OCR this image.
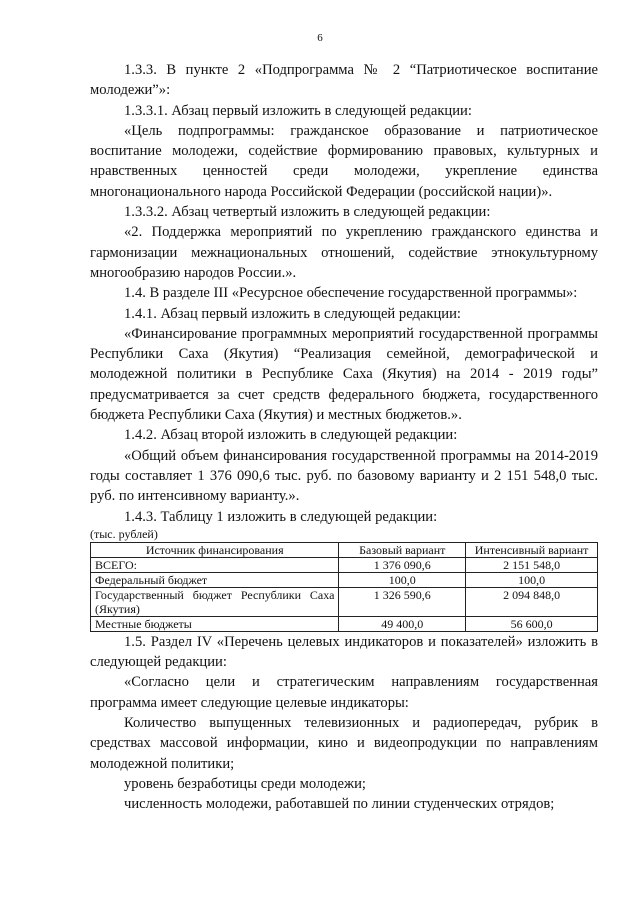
6

1.3.3. В пункте 2 «Подпрограмма № 2 “Патриотическое воспитание молодежи”»:

1.3.3.1. Абзац первый изложить в следующей редакции:

«Цель подпрограммы: гражданское образование и патриотическое воспитание молодежи, содействие формированию правовых, культурных и нравственных ценностей среди молодежи, укрепление единства многонационального народа Российской Федерации (российской нации)».

1.3.3.2. Абзац четвертый изложить в следующей редакции:

«2. Поддержка мероприятий по укреплению гражданского единства и гармонизации межнациональных отношений, содействие этнокультурному многообразию народов России.».

1.4. В разделе III «Ресурсное обеспечение государственной программы»:

1.4.1. Абзац первый изложить в следующей редакции:

«Финансирование программных мероприятий государственной программы Республики Саха (Якутия) “Реализация семейной, демографической и молодежной политики в Республике Саха (Якутия) на 2014 - 2019 годы” предусматривается за счет средств федерального бюджета, государственного бюджета Республики Саха (Якутия) и местных бюджетов.».

1.4.2. Абзац второй изложить в следующей редакции:

«Общий объем финансирования государственной программы на 2014-2019 годы составляет 1 376 090,6 тыс. руб. по базовому варианту и 2 151 548,0 тыс. руб. по интенсивному варианту.».

1.4.3. Таблицу 1 изложить в следующей редакции:

(тыс. рублей)

Источник финансирования	Базовый вариант	Интенсивный вариант
ВСЕГО:	1 376 090,6	2 151 548,0
Федеральный бюджет	100,0	100,0
Государственный бюджет Республики Саха (Якутия)	1 326 590,6	2 094 848,0
Местные бюджеты	49 400,0	56 600,0

1.5. Раздел IV «Перечень целевых индикаторов и показателей» изложить в следующей редакции:

«Согласно цели и стратегическим направлениям государственная программа имеет следующие целевые индикаторы:

Количество выпущенных телевизионных и радиопередач, рубрик в средствах массовой информации, кино и видеопродукции по направлениям молодежной политики;

уровень безработицы среди молодежи;

численность молодежи, работавшей по линии студенческих отрядов;
